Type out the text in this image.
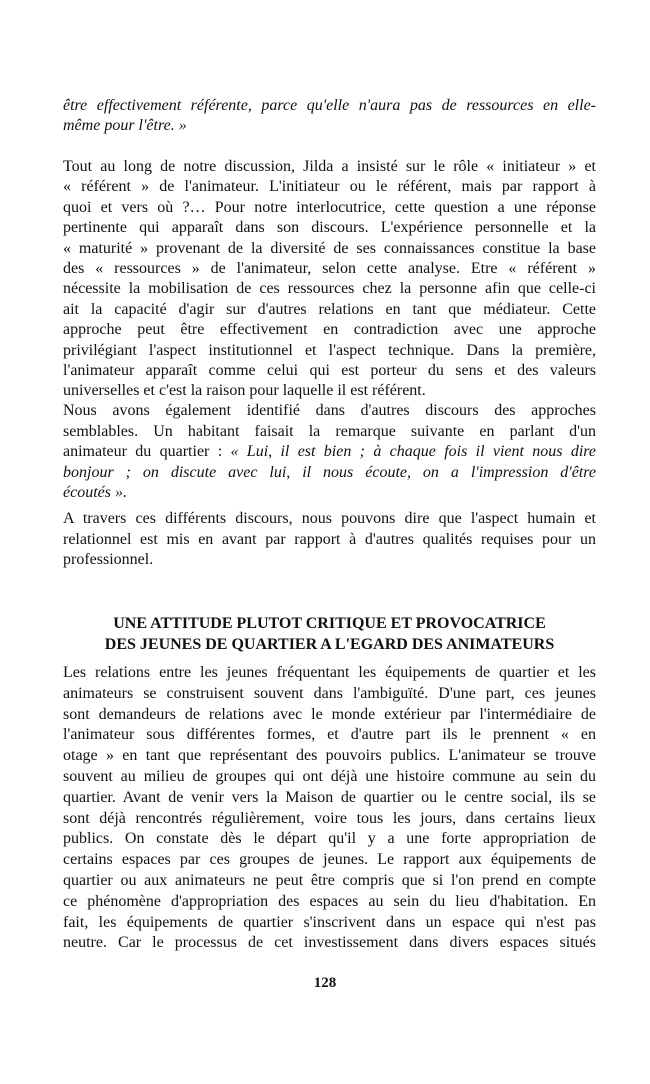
être effectivement référente, parce qu'elle n'aura pas de ressources en elle-
même pour l'être. »
Tout au long de notre discussion, Jilda a insisté sur le rôle « initiateur » et
« référent » de l'animateur. L'initiateur ou le référent, mais par rapport à
quoi et vers où ?… Pour notre interlocutrice, cette question a une réponse
pertinente qui apparaît dans son discours. L'expérience personnelle et la
« maturité » provenant de la diversité de ses connaissances constitue la base
des « ressources » de l'animateur, selon cette analyse. Etre « référent »
nécessite la mobilisation de ces ressources chez la personne afin que celle-ci
ait la capacité d'agir sur d'autres relations en tant que médiateur. Cette
approche peut être effectivement en contradiction avec une approche
privilégiant l'aspect institutionnel et l'aspect technique. Dans la première,
l'animateur apparaît comme celui qui est porteur du sens et des valeurs
universelles et c'est la raison pour laquelle il est référent.
Nous avons également identifié dans d'autres discours des approches
semblables. Un habitant faisait la remarque suivante en parlant d'un
animateur du quartier : « Lui, il est bien ; à chaque fois il vient nous dire
bonjour ; on discute avec lui, il nous écoute, on a l'impression d'être
écoutés ».
A travers ces différents discours, nous pouvons dire que l'aspect humain et
relationnel est mis en avant par rapport à d'autres qualités requises pour un
professionnel.
UNE ATTITUDE PLUTOT CRITIQUE ET PROVOCATRICE
DES JEUNES DE QUARTIER A L'EGARD DES ANIMATEURS
Les relations entre les jeunes fréquentant les équipements de quartier et les
animateurs se construisent souvent dans l'ambiguïté. D'une part, ces jeunes
sont demandeurs de relations avec le monde extérieur par l'intermédiaire de
l'animateur sous différentes formes, et d'autre part ils le prennent « en
otage » en tant que représentant des pouvoirs publics. L'animateur se trouve
souvent au milieu de groupes qui ont déjà une histoire commune au sein du
quartier. Avant de venir vers la Maison de quartier ou le centre social, ils se
sont déjà rencontrés régulièrement, voire tous les jours, dans certains lieux
publics. On constate dès le départ qu'il y a une forte appropriation de
certains espaces par ces groupes de jeunes. Le rapport aux équipements de
quartier ou aux animateurs ne peut être compris que si l'on prend en compte
ce phénomène d'appropriation des espaces au sein du lieu d'habitation. En
fait, les équipements de quartier s'inscrivent dans un espace qui n'est pas
neutre. Car le processus de cet investissement dans divers espaces situés
128
